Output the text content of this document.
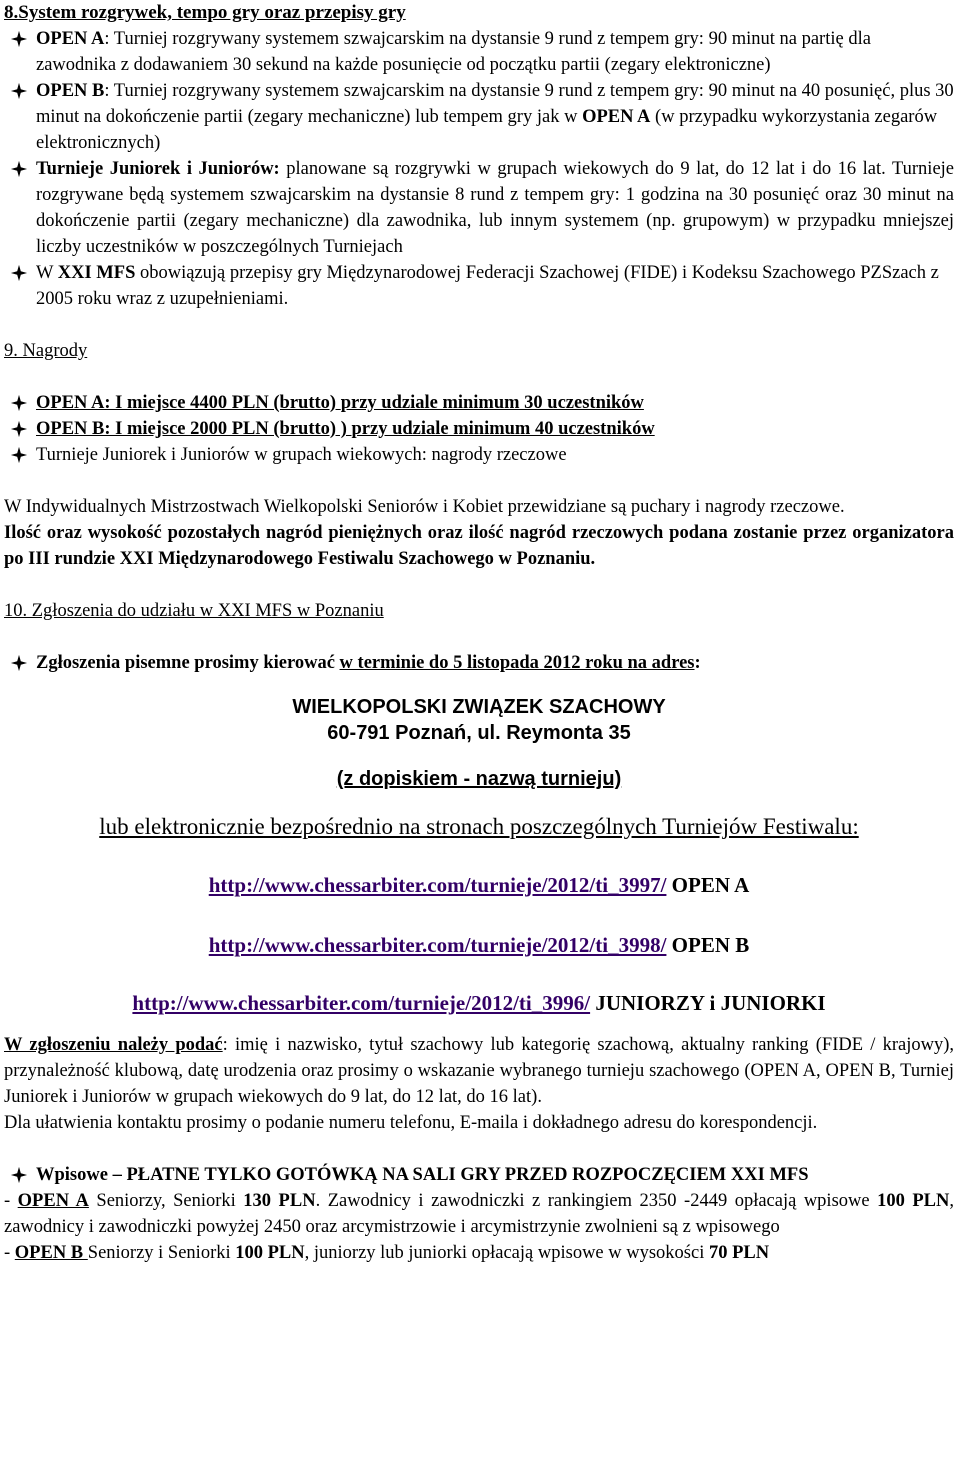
8.System rozgrywek, tempo gry oraz przepisy gry

OPEN A: Turniej rozgrywany systemem szwajcarskim na dystansie 9 rund z tempem gry: 90 minut na partię dla zawodnika z dodawaniem 30 sekund na każde posunięcie od początku partii (zegary elektroniczne)

OPEN B: Turniej rozgrywany systemem szwajcarskim na dystansie 9 rund z tempem gry: 90 minut na 40 posunięć, plus 30 minut na dokończenie partii (zegary mechaniczne) lub tempem gry jak w OPEN A (w przypadku wykorzystania zegarów elektronicznych)

Turnieje Juniorek i Juniorów: planowane są rozgrywki w grupach wiekowych do 9 lat, do 12 lat i do 16 lat. Turnieje rozgrywane będą systemem szwajcarskim na dystansie 8 rund z tempem gry: 1 godzina na 30 posunięć oraz 30 minut na dokończenie partii (zegary mechaniczne) dla zawodnika, lub innym systemem (np. grupowym) w przypadku mniejszej liczby uczestników w poszczególnych Turniejach

W XXI MFS obowiązują przepisy gry Międzynarodowej Federacji Szachowej (FIDE) i Kodeksu Szachowego PZSzach z 2005 roku wraz z uzupełnieniami.

9. Nagrody

OPEN A: I miejsce 4400 PLN (brutto) przy udziale minimum 30 uczestników

OPEN B: I miejsce 2000 PLN (brutto) ) przy udziale minimum 40 uczestników

Turnieje Juniorek i Juniorów w grupach wiekowych: nagrody rzeczowe

W Indywidualnych Mistrzostwach Wielkopolski Seniorów i Kobiet przewidziane są puchary i nagrody rzeczowe.

Ilość oraz wysokość pozostałych nagród pieniężnych oraz ilość nagród rzeczowych podana zostanie przez organizatora po III rundzie XXI Międzynarodowego Festiwalu Szachowego w Poznaniu.

10. Zgłoszenia do udziału w XXI MFS w Poznaniu

Zgłoszenia pisemne prosimy kierować w terminie do 5 listopada 2012 roku na adres:

WIELKOPOLSKI ZWIĄZEK SZACHOWY

60-791 Poznań, ul. Reymonta 35

(z dopiskiem - nazwą turnieju)

lub elektronicznie bezpośrednio na stronach poszczególnych Turniejów Festiwalu:

http://www.chessarbiter.com/turnieje/2012/ti_3997/ OPEN A

http://www.chessarbiter.com/turnieje/2012/ti_3998/ OPEN B

http://www.chessarbiter.com/turnieje/2012/ti_3996/ JUNIORZY i JUNIORKI

W zgłoszeniu należy podać: imię i nazwisko, tytuł szachowy lub kategorię szachową, aktualny ranking (FIDE / krajowy), przynależność klubową, datę urodzenia oraz prosimy o wskazanie wybranego turnieju szachowego (OPEN A, OPEN B, Turniej Juniorek i Juniorów w grupach wiekowych do 9 lat, do 12 lat, do 16 lat).

Dla ułatwienia kontaktu prosimy o podanie numeru telefonu, E-maila i dokładnego adresu do korespondencji.

Wpisowe – PŁATNE TYLKO GOTÓWKĄ NA SALI GRY PRZED ROZPOCZĘCIEM XXI MFS

- OPEN A Seniorzy, Seniorki 130 PLN. Zawodnicy i zawodniczki z rankingiem 2350 -2449 opłacają wpisowe 100 PLN, zawodnicy i zawodniczki powyżej 2450 oraz arcymistrzowie i arcymistrzynie zwolnieni są z wpisowego

- OPEN B Seniorzy i Seniorki 100 PLN, juniorzy lub juniorki opłacają wpisowe w wysokości 70 PLN
